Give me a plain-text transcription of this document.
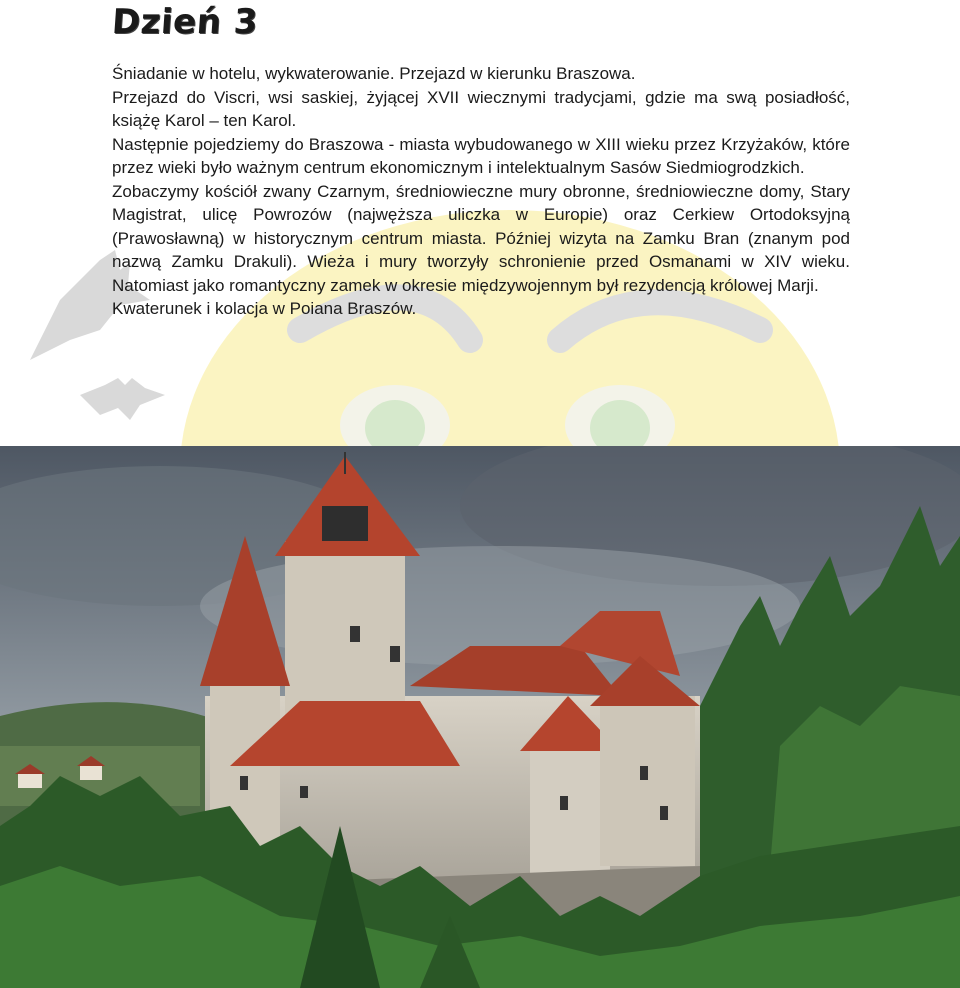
Dzień 3

Śniadanie w hotelu, wykwaterowanie. Przejazd w kierunku Braszowa.

Przejazd do Viscri, wsi saskiej, żyjącej XVII wiecznymi tradycjami, gdzie ma swą posiadłość, książę Karol – ten Karol.

Następnie pojedziemy do Braszowa - miasta wybudowanego w XIII wieku przez Krzyżaków, które przez wieki było ważnym centrum ekonomicznym i intelektualnym Sasów Siedmiogrodzkich.

Zobaczymy kościół zwany Czarnym, średniowieczne mury obronne, średniowieczne domy, Stary Magistrat, ulicę Powrozów (najwęższa uliczka w Europie) oraz Cerkiew Ortodoksyjną (Prawosławną) w historycznym centrum miasta. Później wizyta na Zamku Bran (znanym pod nazwą Zamku Drakuli). Wieża i mury tworzyły schronienie przed Osmanami w XIV wieku. Natomiast jako romantyczny zamek w okresie międzywojennym był rezydencją królowej Marji.

Kwaterunek i kolacja w Poiana Braszów.
